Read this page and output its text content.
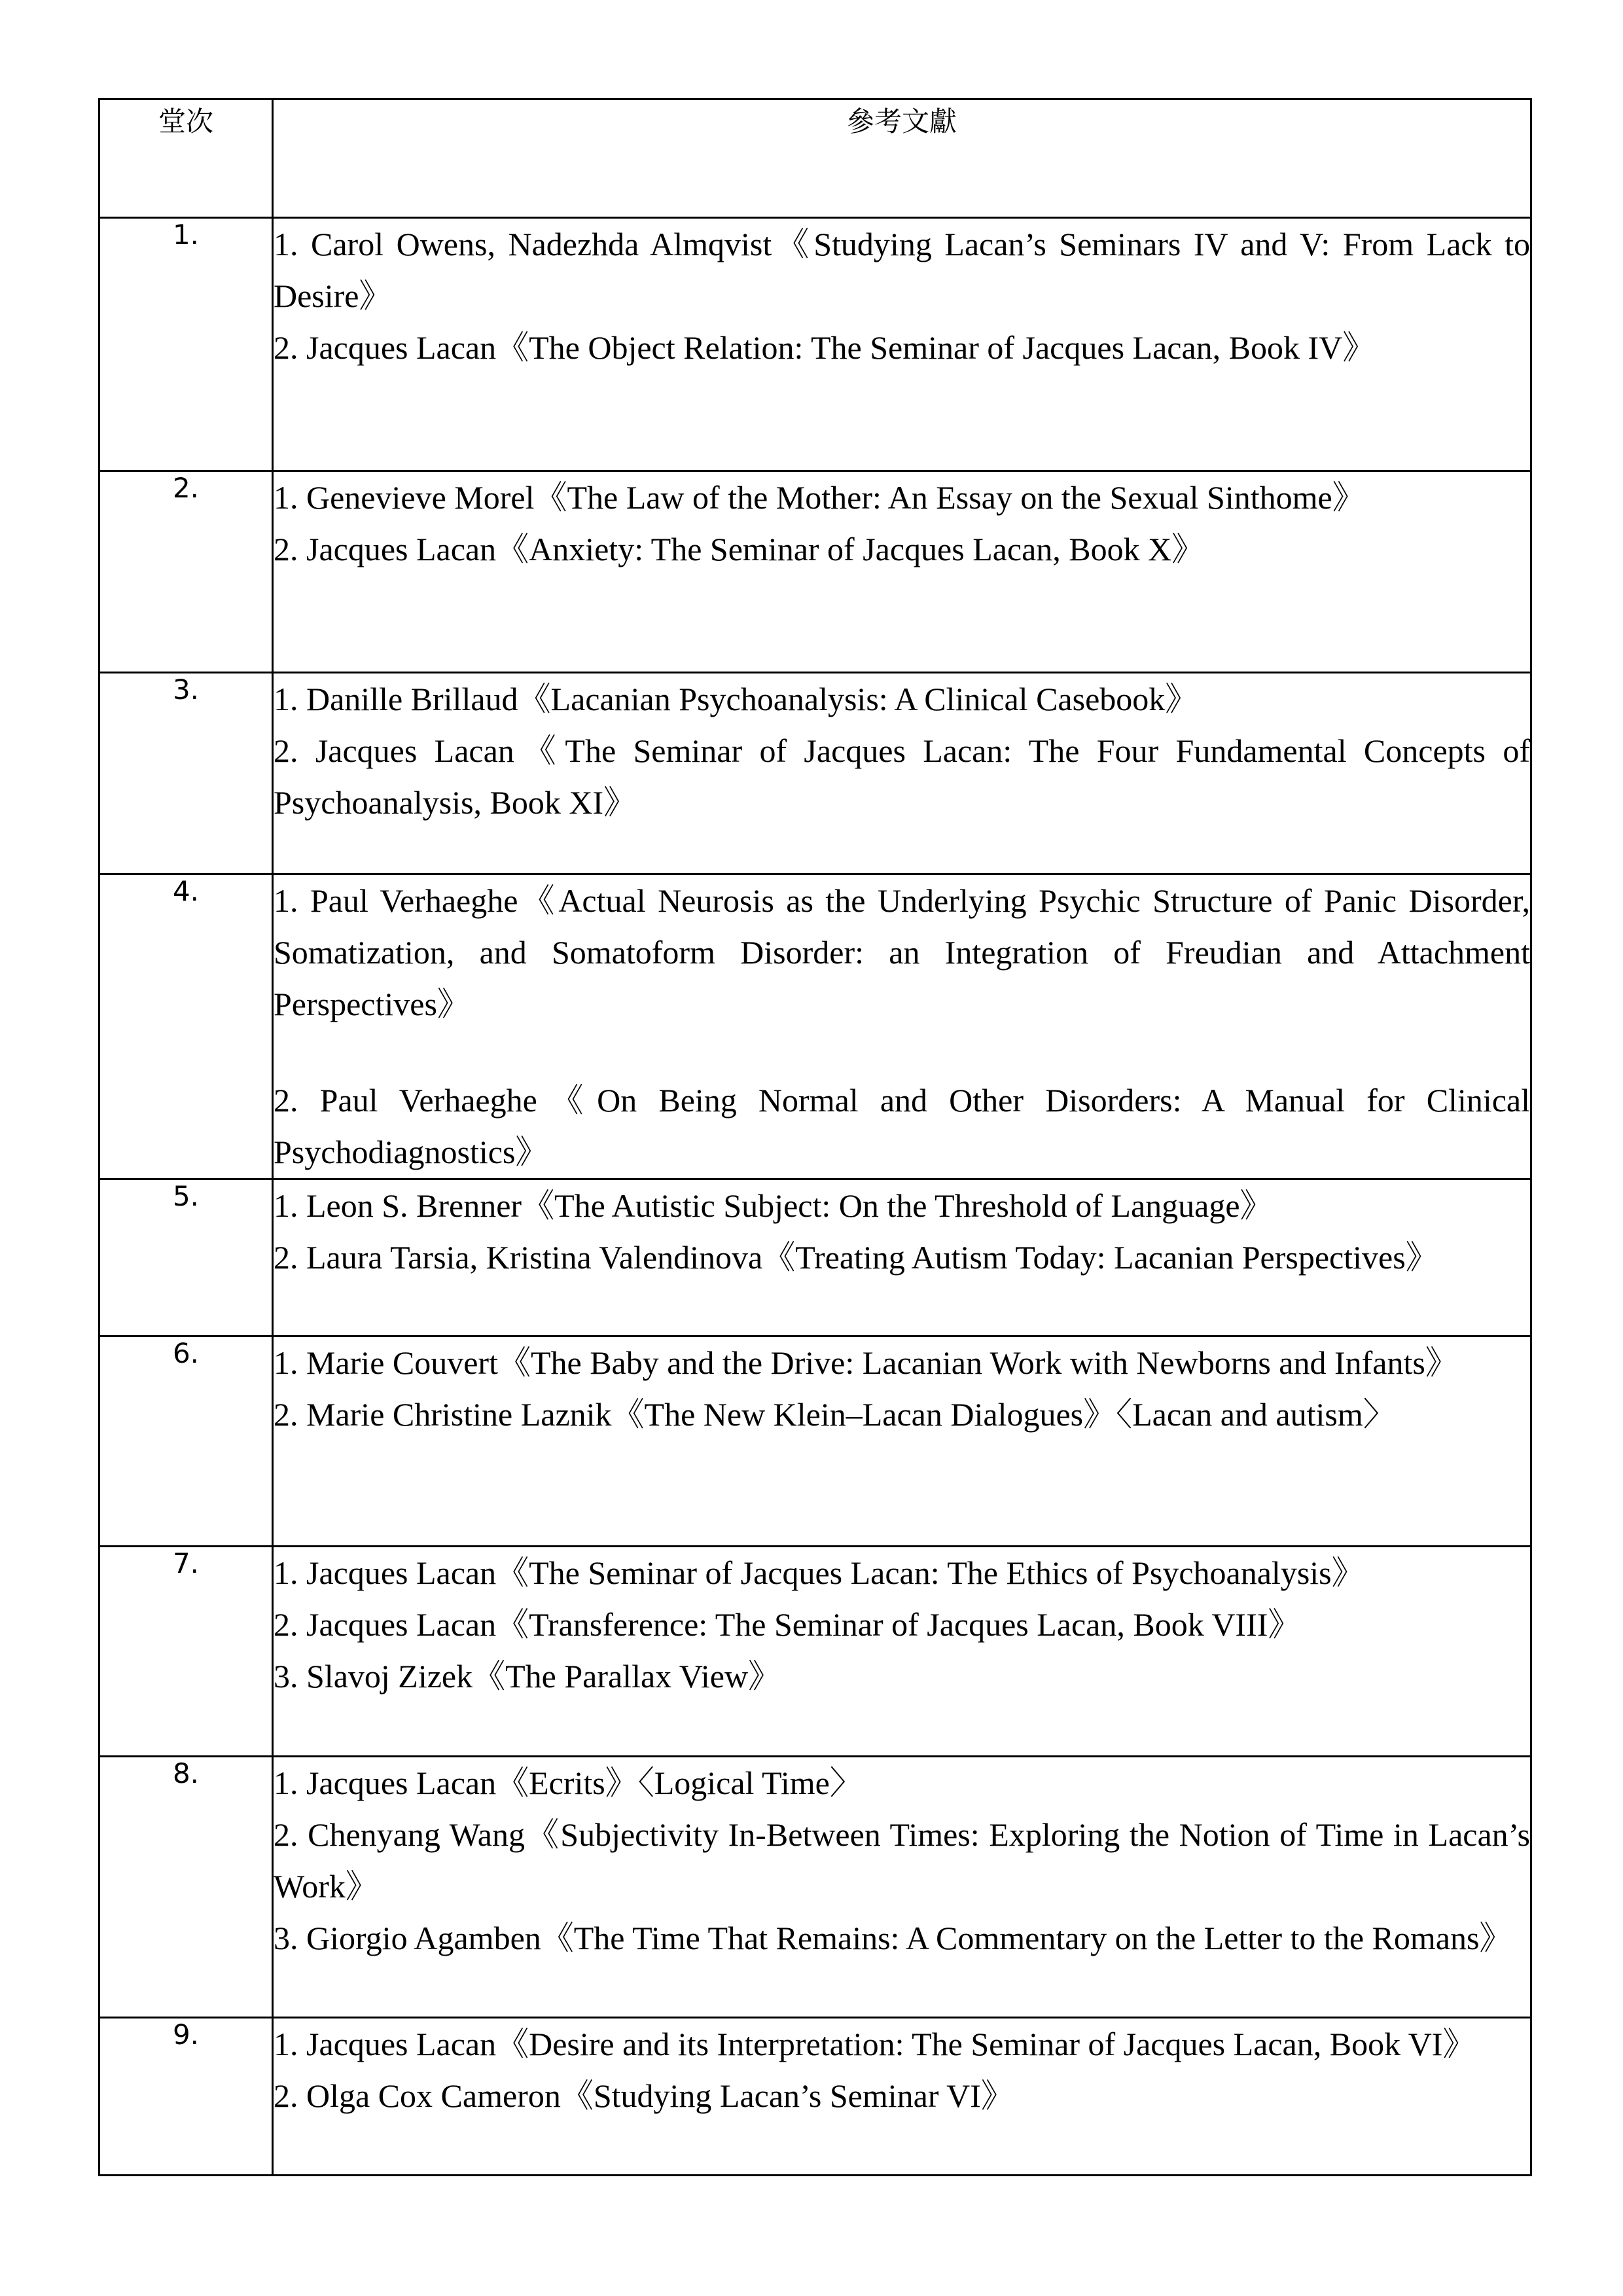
堂次	參考文獻
1.	1. Carol Owens, Nadezhda Almqvist《Studying Lacan’s Seminars IV and V: From Lack to Desire》
2. Jacques Lacan《The Object Relation: The Seminar of Jacques Lacan, Book IV》

2.	1. Genevieve Morel《The Law of the Mother: An Essay on the Sexual Sinthome》
2. Jacques Lacan《Anxiety: The Seminar of Jacques Lacan, Book X》

3.	1. Danille Brillaud《Lacanian Psychoanalysis: A Clinical Casebook》
2. Jacques Lacan《The Seminar of Jacques Lacan: The Four Fundamental Concepts of Psychoanalysis, Book XI》

4.	1. Paul Verhaeghe《Actual Neurosis as the Underlying Psychic Structure of Panic Disorder, Somatization, and Somatoform Disorder: an Integration of Freudian and Attachment Perspectives》
2. Paul Verhaeghe《On Being Normal and Other Disorders: A Manual for Clinical Psychodiagnostics》

5.	1. Leon S. Brenner《The Autistic Subject: On the Threshold of Language》
2. Laura Tarsia, Kristina Valendinova《Treating Autism Today: Lacanian Perspectives》

6.	1. Marie Couvert《The Baby and the Drive: Lacanian Work with Newborns and Infants》
2. Marie Christine Laznik《The New Klein–Lacan Dialogues》〈Lacan and autism〉

7.	1. Jacques Lacan《The Seminar of Jacques Lacan: The Ethics of Psychoanalysis》
2. Jacques Lacan《Transference: The Seminar of Jacques Lacan, Book VIII》
3. Slavoj Zizek《The Parallax View》

8.	1. Jacques Lacan《Ecrits》〈Logical Time〉
2. Chenyang Wang《Subjectivity In-Between Times: Exploring the Notion of Time in Lacan’s Work》
3. Giorgio Agamben《The Time That Remains: A Commentary on the Letter to the Romans》

9.	1. Jacques Lacan《Desire and its Interpretation: The Seminar of Jacques Lacan, Book VI》
2. Olga Cox Cameron《Studying Lacan’s Seminar VI》
